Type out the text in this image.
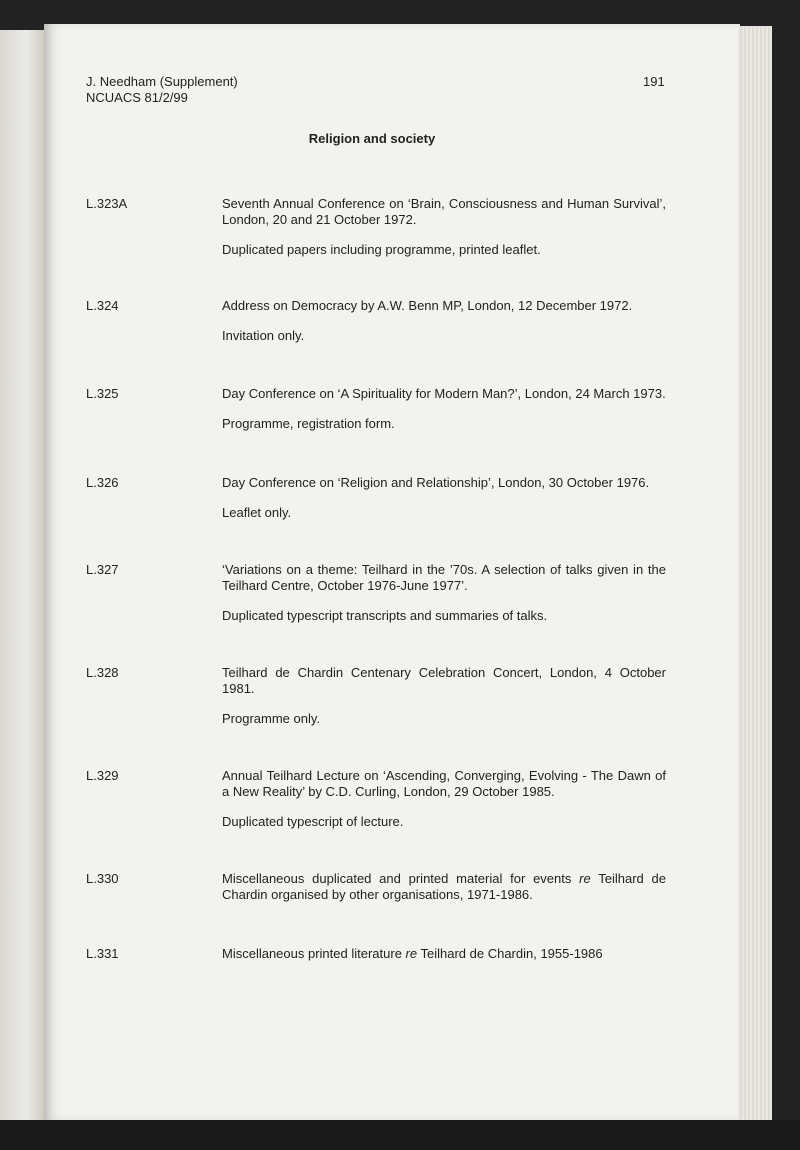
J. Needham (Supplement)
NCUACS 81/2/99
191
Religion and society
L.323A	Seventh Annual Conference on ‘Brain, Consciousness and Human Survival’, London, 20 and 21 October 1972.

Duplicated papers including programme, printed leaflet.

L.324	Address on Democracy by A.W. Benn MP, London, 12 December 1972.

Invitation only.

L.325	Day Conference on ‘A Spirituality for Modern Man?’, London, 24 March 1973.

Programme, registration form.

L.326	Day Conference on ‘Religion and Relationship’, London, 30 October 1976.

Leaflet only.

L.327	‘Variations on a theme: Teilhard in the ’70s. A selection of talks given in the Teilhard Centre, October 1976-June 1977’.

Duplicated typescript transcripts and summaries of talks.

L.328	Teilhard de Chardin Centenary Celebration Concert, London, 4 October 1981.

Programme only.

L.329	Annual Teilhard Lecture on ‘Ascending, Converging, Evolving - The Dawn of a New Reality’ by C.D. Curling, London, 29 October 1985.

Duplicated typescript of lecture.

L.330	Miscellaneous duplicated and printed material for events re Teilhard de Chardin organised by other organisations, 1971-1986.

L.331	Miscellaneous printed literature re Teilhard de Chardin, 1955-1986
